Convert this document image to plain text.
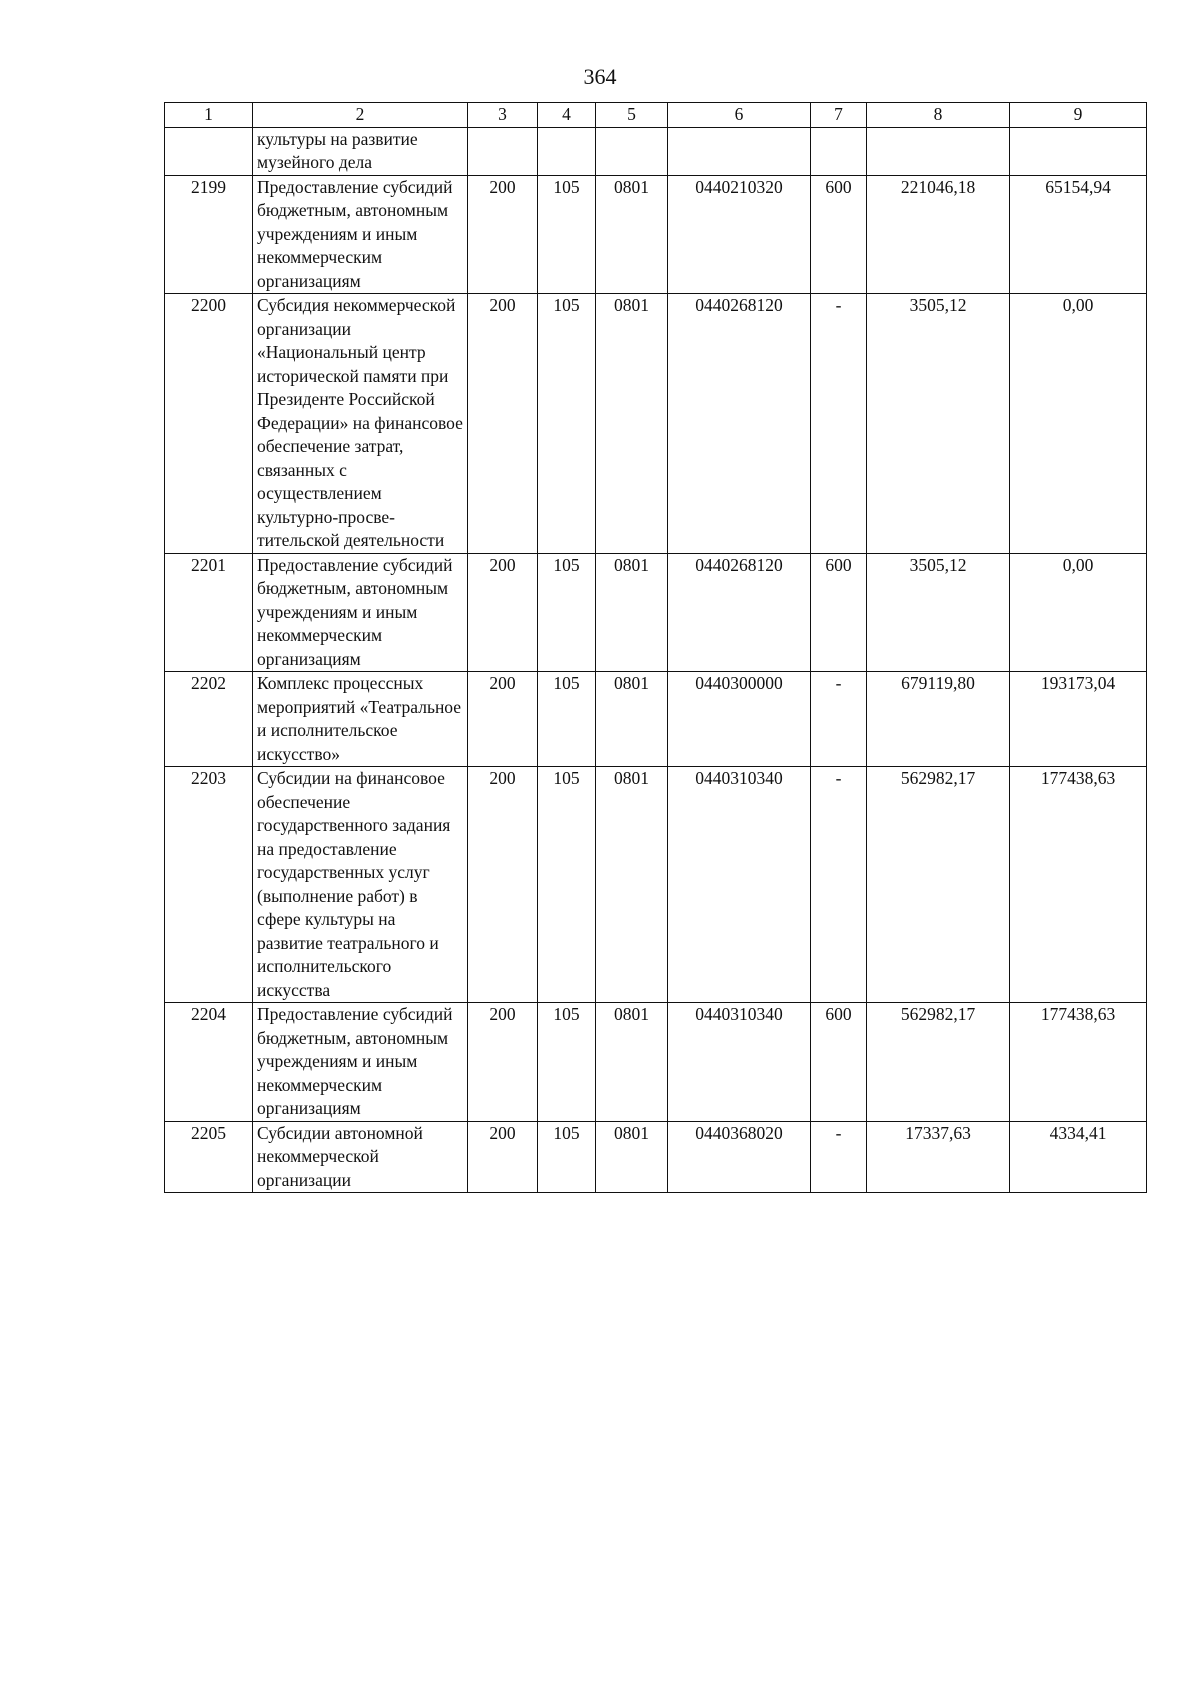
364
1	2	3	4	5	6	7	8	9
	культуры на развитие музейного дела							
2199	Предоставление субсидий бюджетным, автономным учреждениям и иным некоммерческим организациям	200	105	0801	0440210320	600	221046,18	65154,94
2200	Субсидия некоммерческой организации «Национальный центр исторической памяти при Президенте Российской Федерации» на финансовое обеспечение затрат, связанных с осуществлением культурно-просве-тительской деятельности	200	105	0801	0440268120	-	3505,12	0,00
2201	Предоставление субсидий бюджетным, автономным учреждениям и иным некоммерческим организациям	200	105	0801	0440268120	600	3505,12	0,00
2202	Комплекс процессных мероприятий «Театральное и исполнительское искусство»	200	105	0801	0440300000	-	679119,80	193173,04
2203	Субсидии на финансовое обеспечение государственного задания на предоставление государственных услуг (выполнение работ) в сфере культуры на развитие театрального и исполнительского искусства	200	105	0801	0440310340	-	562982,17	177438,63
2204	Предоставление субсидий бюджетным, автономным учреждениям и иным некоммерческим организациям	200	105	0801	0440310340	600	562982,17	177438,63
2205	Субсидии автономной некоммерческой организации	200	105	0801	0440368020	-	17337,63	4334,41
